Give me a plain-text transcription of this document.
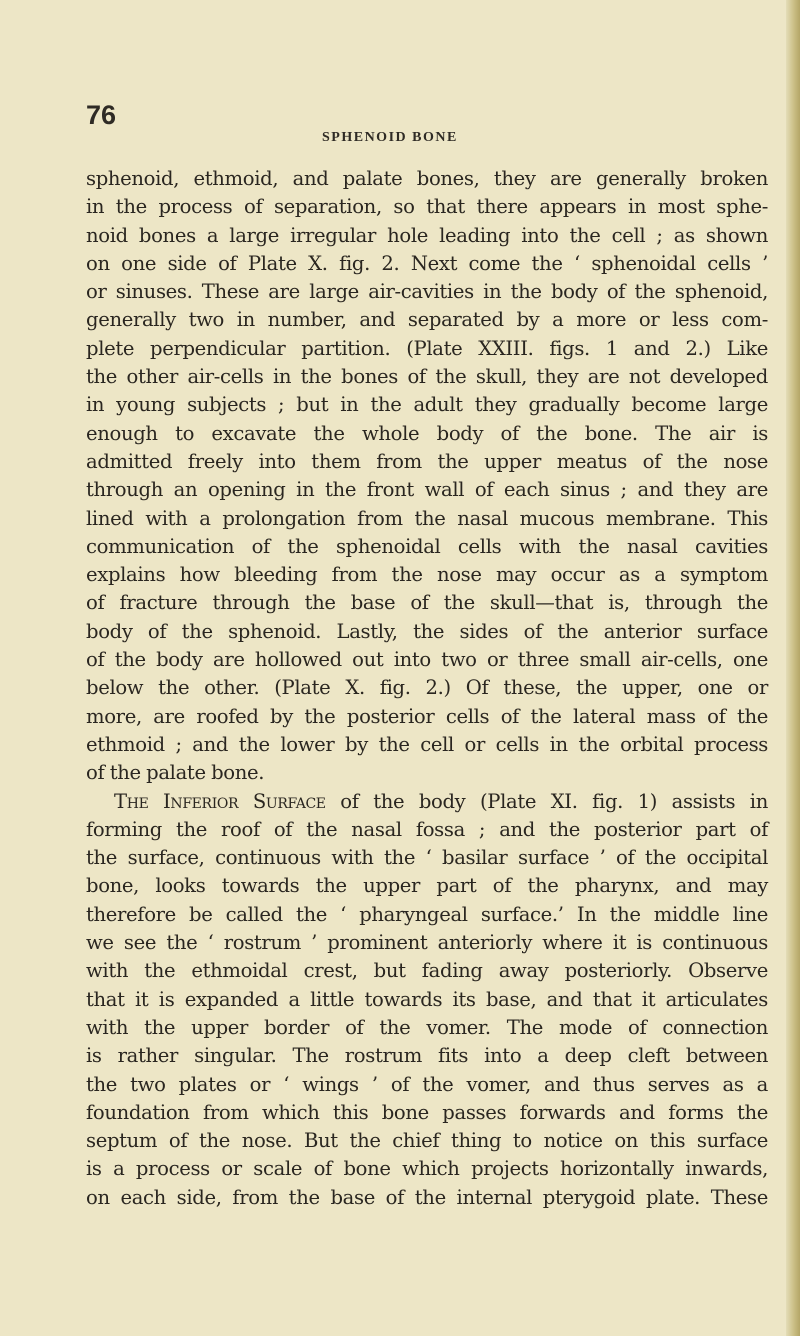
76
SPHENOID BONE
sphenoid, ethmoid, and palate bones, they are generally broken
in the process of separation, so that there appears in most sphe-
noid bones a large irregular hole leading into the cell ; as shown
on one side of Plate X. fig. 2. Next come the ‘ sphenoidal cells ’
or sinuses. These are large air-cavities in the body of the sphenoid,
generally two in number, and separated by a more or less com-
plete perpendicular partition. (Plate XXIII. figs. 1 and 2.) Like
the other air-cells in the bones of the skull, they are not developed
in young subjects ; but in the adult they gradually become large
enough to excavate the whole body of the bone. The air is
admitted freely into them from the upper meatus of the nose
through an opening in the front wall of each sinus ; and they are
lined with a prolongation from the nasal mucous membrane. This
communication of the sphenoidal cells with the nasal cavities
explains how bleeding from the nose may occur as a symptom
of fracture through the base of the skull—that is, through the
body of the sphenoid. Lastly, the sides of the anterior surface
of the body are hollowed out into two or three small air-cells, one
below the other. (Plate X. fig. 2.) Of these, the upper, one or
more, are roofed by the posterior cells of the lateral mass of the
ethmoid ; and the lower by the cell or cells in the orbital process
of the palate bone.
The Inferior Surface of the body (Plate XI. fig. 1) assists in
forming the roof of the nasal fossa ; and the posterior part of
the surface, continuous with the ‘ basilar surface ’ of the occipital
bone, looks towards the upper part of the pharynx, and may
therefore be called the ‘ pharyngeal surface.’ In the middle line
we see the ‘ rostrum ’ prominent anteriorly where it is continuous
with the ethmoidal crest, but fading away posteriorly. Observe
that it is expanded a little towards its base, and that it articulates
with the upper border of the vomer. The mode of connection
is rather singular. The rostrum fits into a deep cleft between
the two plates or ‘ wings ’ of the vomer, and thus serves as a
foundation from which this bone passes forwards and forms the
septum of the nose. But the chief thing to notice on this surface
is a process or scale of bone which projects horizontally inwards,
on each side, from the base of the internal pterygoid plate. These
